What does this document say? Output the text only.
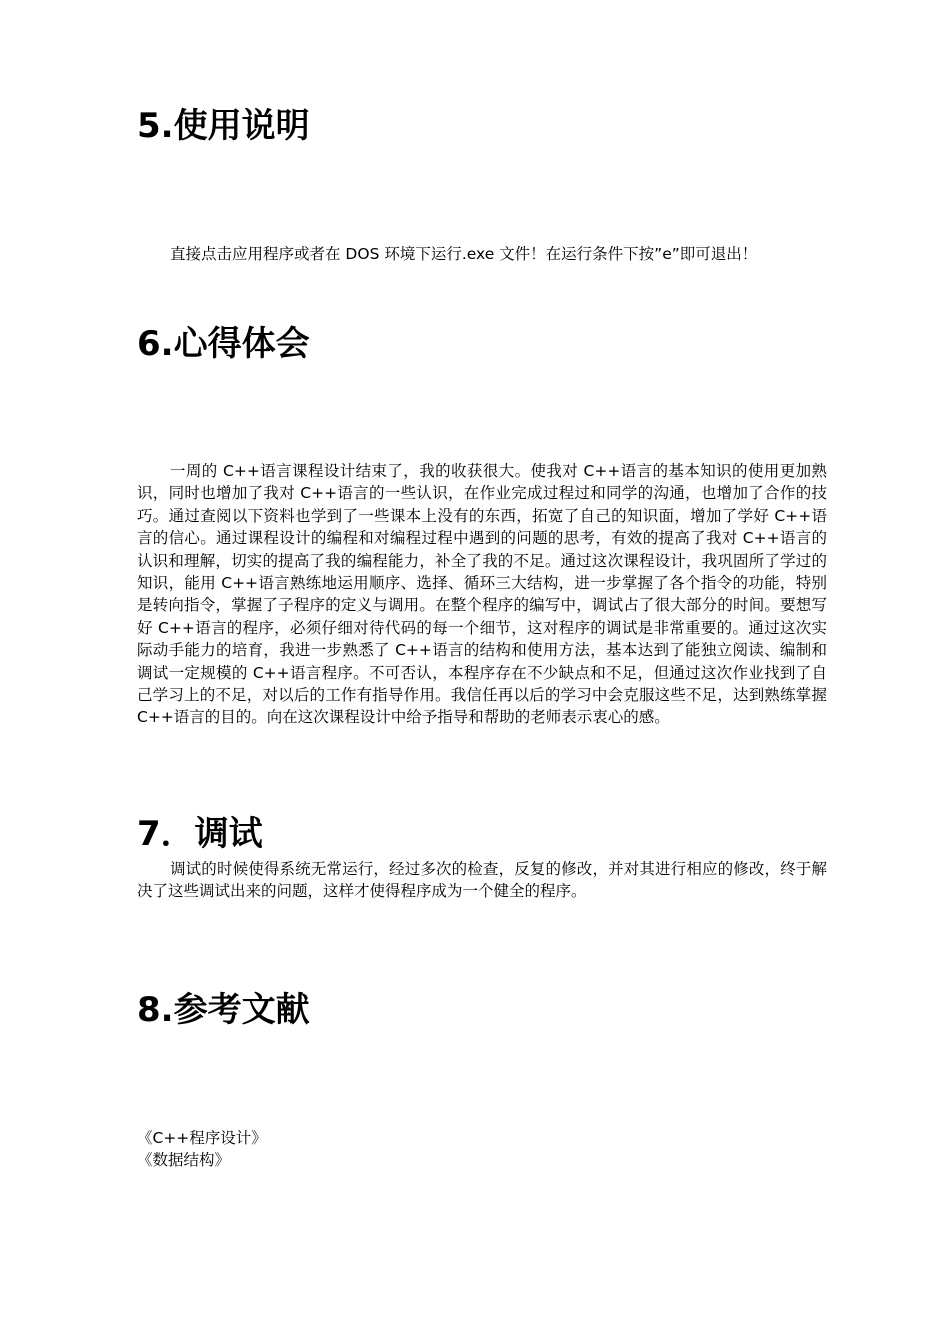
5.使用说明

直接点击应用程序或者在 DOS 环境下运行.exe 文件！在运行条件下按”e”即可退出！

6.心得体会

一周的 C++语言课程设计结束了，我的收获很大。使我对 C++语言的基本知识的使用更加熟识，同时也增加了我对 C++语言的一些认识，在作业完成过程过和同学的沟通，也增加了合作的技巧。通过查阅以下资料也学到了一些课本上没有的东西，拓宽了自己的知识面，增加了学好 C++语言的信心。通过课程设计的编程和对编程过程中遇到的问题的思考，有效的提高了我对 C++语言的认识和理解，切实的提高了我的编程能力，补全了我的不足。通过这次课程设计，我巩固所了学过的知识，能用 C++语言熟练地运用顺序、选择、循环三大结构，进一步掌握了各个指令的功能，特别是转向指令，掌握了子程序的定义与调用。在整个程序的编写中，调试占了很大部分的时间。要想写好 C++语言的程序，必须仔细对待代码的每一个细节，这对程序的调试是非常重要的。通过这次实际动手能力的培育，我进一步熟悉了 C++语言的结构和使用方法，基本达到了能独立阅读、编制和调试一定规模的 C++语言程序。不可否认，本程序存在不少缺点和不足，但通过这次作业找到了自己学习上的不足，对以后的工作有指导作用。我信任再以后的学习中会克服这些不足，达到熟练掌握 C++语言的目的。向在这次课程设计中给予指导和帮助的老师表示衷心的感。

7．调试

调试的时候使得系统无常运行，经过多次的检查，反复的修改，并对其进行相应的修改，终于解决了这些调试出来的问题，这样才使得程序成为一个健全的程序。

8.参考文献
《C++程序设计》
《数据结构》
